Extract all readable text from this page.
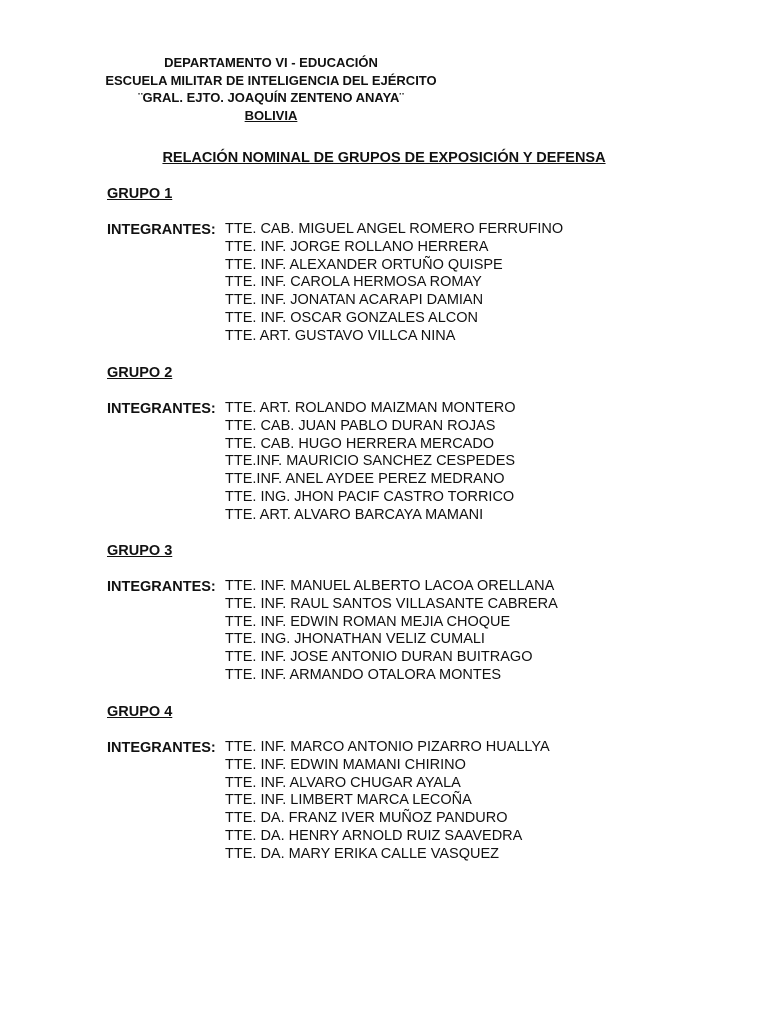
DEPARTAMENTO VI - EDUCACIÓN
ESCUELA MILITAR DE INTELIGENCIA DEL EJÉRCITO
¨GRAL. EJTO. JOAQUÍN ZENTENO ANAYA¨
BOLIVIA
RELACIÓN NOMINAL DE GRUPOS DE EXPOSICIÓN Y DEFENSA
GRUPO 1
INTEGRANTES: TTE. CAB. MIGUEL ANGEL ROMERO FERRUFINO
TTE. INF. JORGE ROLLANO HERRERA
TTE. INF. ALEXANDER ORTUÑO QUISPE
TTE. INF. CAROLA HERMOSA ROMAY
TTE. INF. JONATAN ACARAPI DAMIAN
TTE. INF. OSCAR GONZALES ALCON
TTE. ART. GUSTAVO VILLCA NINA
GRUPO 2
INTEGRANTES: TTE. ART. ROLANDO MAIZMAN MONTERO
TTE. CAB. JUAN PABLO DURAN ROJAS
TTE. CAB. HUGO HERRERA MERCADO
TTE.INF. MAURICIO SANCHEZ CESPEDES
TTE.INF. ANEL AYDEE PEREZ MEDRANO
TTE. ING. JHON PACIF CASTRO TORRICO
TTE. ART. ALVARO BARCAYA MAMANI
GRUPO 3
INTEGRANTES: TTE. INF. MANUEL ALBERTO LACOA ORELLANA
TTE. INF. RAUL SANTOS VILLASANTE CABRERA
TTE. INF. EDWIN ROMAN MEJIA CHOQUE
TTE. ING. JHONATHAN VELIZ CUMALI
TTE. INF. JOSE ANTONIO DURAN BUITRAGO
TTE. INF. ARMANDO OTALORA MONTES
GRUPO 4
INTEGRANTES: TTE. INF. MARCO ANTONIO PIZARRO HUALLYA
TTE. INF. EDWIN MAMANI CHIRINO
TTE. INF. ALVARO CHUGAR AYALA
TTE. INF. LIMBERT MARCA LECOÑA
TTE. DA. FRANZ IVER MUÑOZ PANDURO
TTE. DA. HENRY ARNOLD RUIZ SAAVEDRA
TTE. DA. MARY ERIKA CALLE VASQUEZ
